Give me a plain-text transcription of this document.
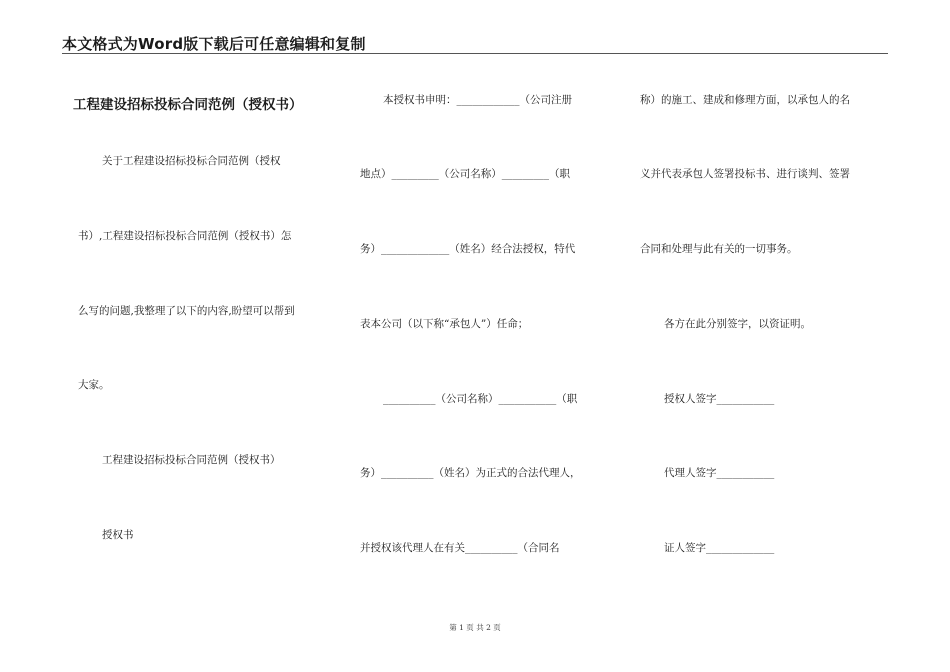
本文格式为Word版下载后可任意编辑和复制
工程建设招标投标合同范例（授权书）
关于工程建设招标投标合同范例（授权
书）,工程建设招标投标合同范例（授权书）怎
么写的问题,我整理了以下的内容,盼望可以帮到
大家。
工程建设招标投标合同范例（授权书）
授权书
本授权书申明：____________（公司注册
地点）_________（公司名称）_________（职
务）_____________（姓名）经合法授权，特代
表本公司（以下称“承包人”）任命；
__________（公司名称）___________（职
务）__________（姓名）为正式的合法代理人，
并授权该代理人在有关__________（合同名
称）的施工、建成和修理方面，以承包人的名
义并代表承包人签署投标书、进行谈判、签署
合同和处理与此有关的一切事务。
各方在此分别签字，以资证明。
授权人签字___________
代理人签字___________
证人签字_____________
第 1 页 共 2 页
